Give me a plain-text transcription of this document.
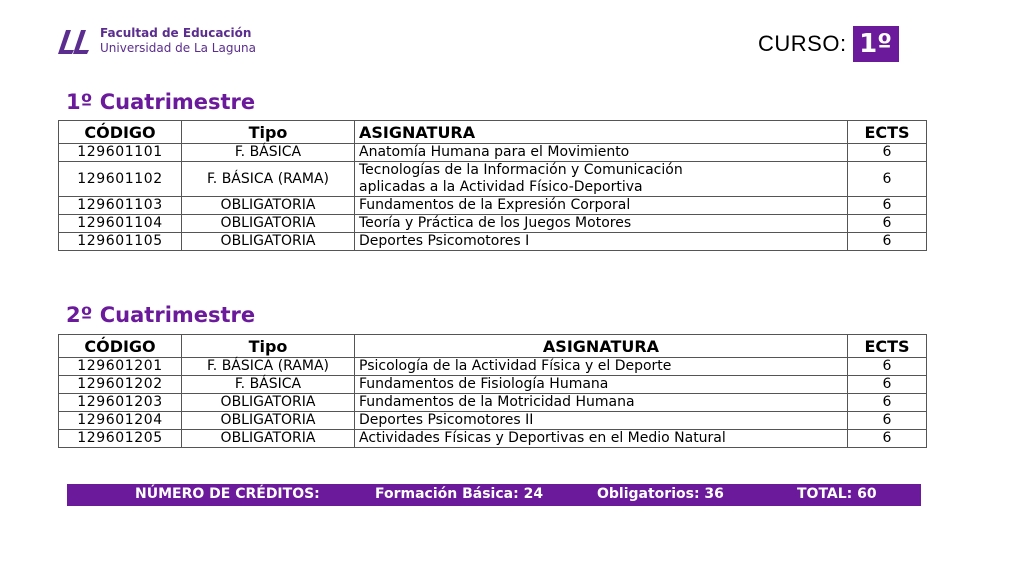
Facultad de Educación
Universidad de La Laguna	CURSO: 1º
1º Cuatrimestre
CÓDIGO	Tipo	ASIGNATURA	ECTS
129601101	F. BÁSICA	Anatomía Humana para el Movimiento	6
129601102	F. BÁSICA (RAMA)	Tecnologías de la Información y Comunicación
aplicadas a la Actividad Físico-Deportiva	6
129601103	OBLIGATORIA	Fundamentos de la Expresión Corporal	6
129601104	OBLIGATORIA	Teoría y Práctica de los Juegos Motores	6
129601105	OBLIGATORIA	Deportes Psicomotores I	6
2º Cuatrimestre
CÓDIGO	Tipo	ASIGNATURA	ECTS
129601201	F. BÁSICA (RAMA)	Psicología de la Actividad Física y el Deporte	6
129601202	F. BÁSICA	Fundamentos de Fisiología Humana	6
129601203	OBLIGATORIA	Fundamentos de la Motricidad Humana	6
129601204	OBLIGATORIA	Deportes Psicomotores II	6
129601205	OBLIGATORIA	Actividades Físicas y Deportivas en el Medio Natural	6
NÚMERO DE CRÉDITOS:	Formación Básica: 24	Obligatorios: 36	TOTAL: 60
